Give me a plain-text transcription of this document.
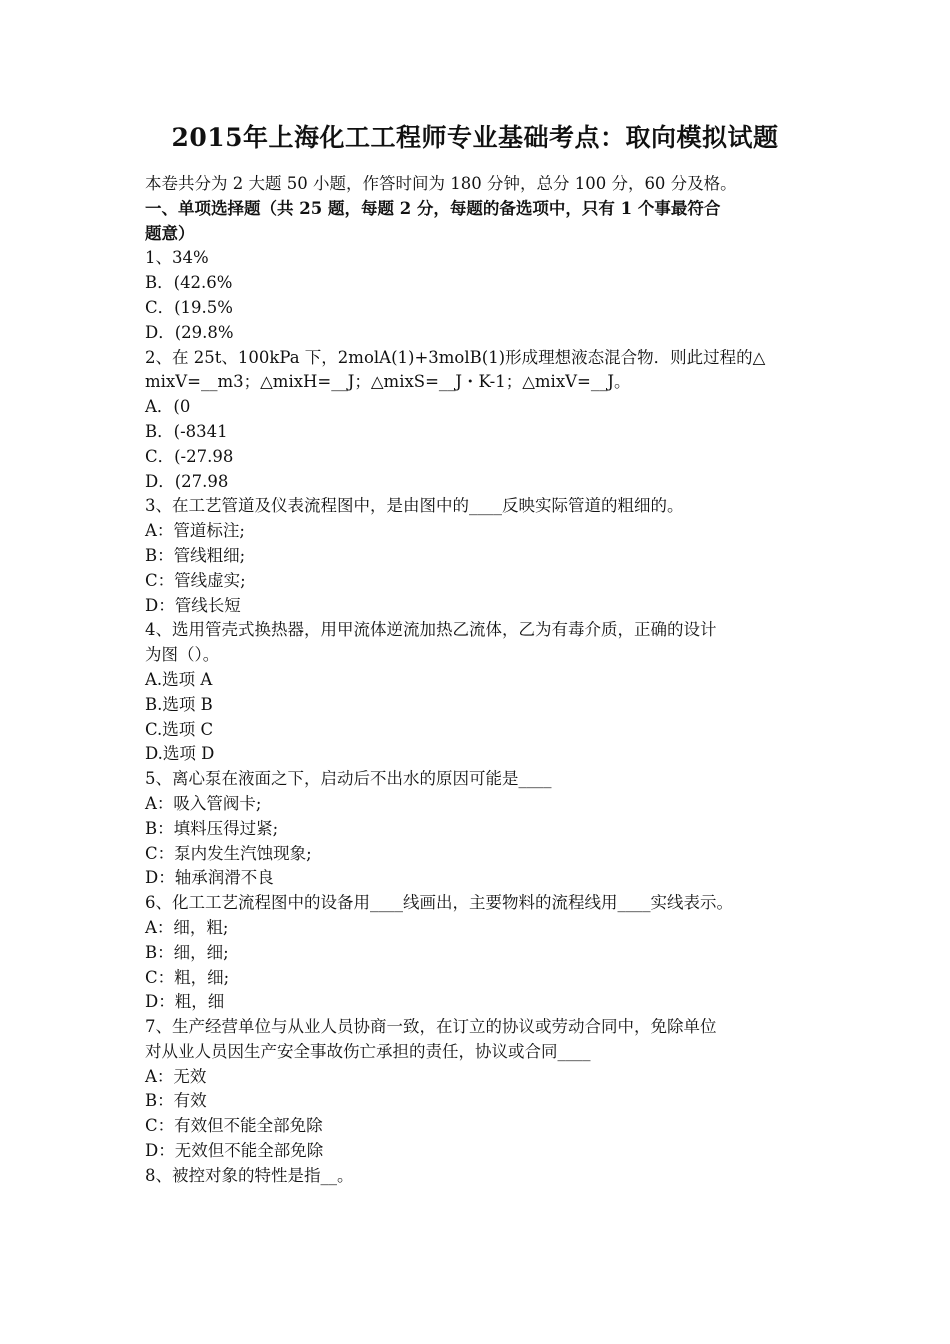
2015年上海化工工程师专业基础考点：取向模拟试题
本卷共分为 2 大题 50 小题，作答时间为 180 分钟，总分 100 分，60 分及格。
一、单项选择题（共 25 题，每题 2 分，每题的备选项中，只有 1 个事最符合
题意）
1、34%
B．(42.6%
C．(19.5%
D．(29.8%
2、在 25t、100kPa 下，2molA(1)+3molB(1)形成理想液态混合物．则此过程的△
mixV=__m3；△mixH=__J；△mixS=__J・K-1；△mixV=__J。
A．(0
B．(-8341
C．(-27.98
D．(27.98
3、在工艺管道及仪表流程图中，是由图中的____反映实际管道的粗细的。
A：管道标注;
B：管线粗细;
C：管线虚实;
D：管线长短
4、选用管壳式换热器，用甲流体逆流加热乙流体，乙为有毒介质，正确的设计
为图（）。
A.选项 A
B.选项 B
C.选项 C
D.选项 D
5、离心泵在液面之下，启动后不出水的原因可能是____
A：吸入管阀卡;
B：填料压得过紧;
C：泵内发生汽蚀现象;
D：轴承润滑不良
6、化工工艺流程图中的设备用____线画出，主要物料的流程线用____实线表示。
A：细，粗;
B：细，细;
C：粗，细;
D：粗，细
7、生产经营单位与从业人员协商一致，在订立的协议或劳动合同中，免除单位
对从业人员因生产安全事故伤亡承担的责任，协议或合同____
A：无效
B：有效
C：有效但不能全部免除
D：无效但不能全部免除
8、被控对象的特性是指__。
